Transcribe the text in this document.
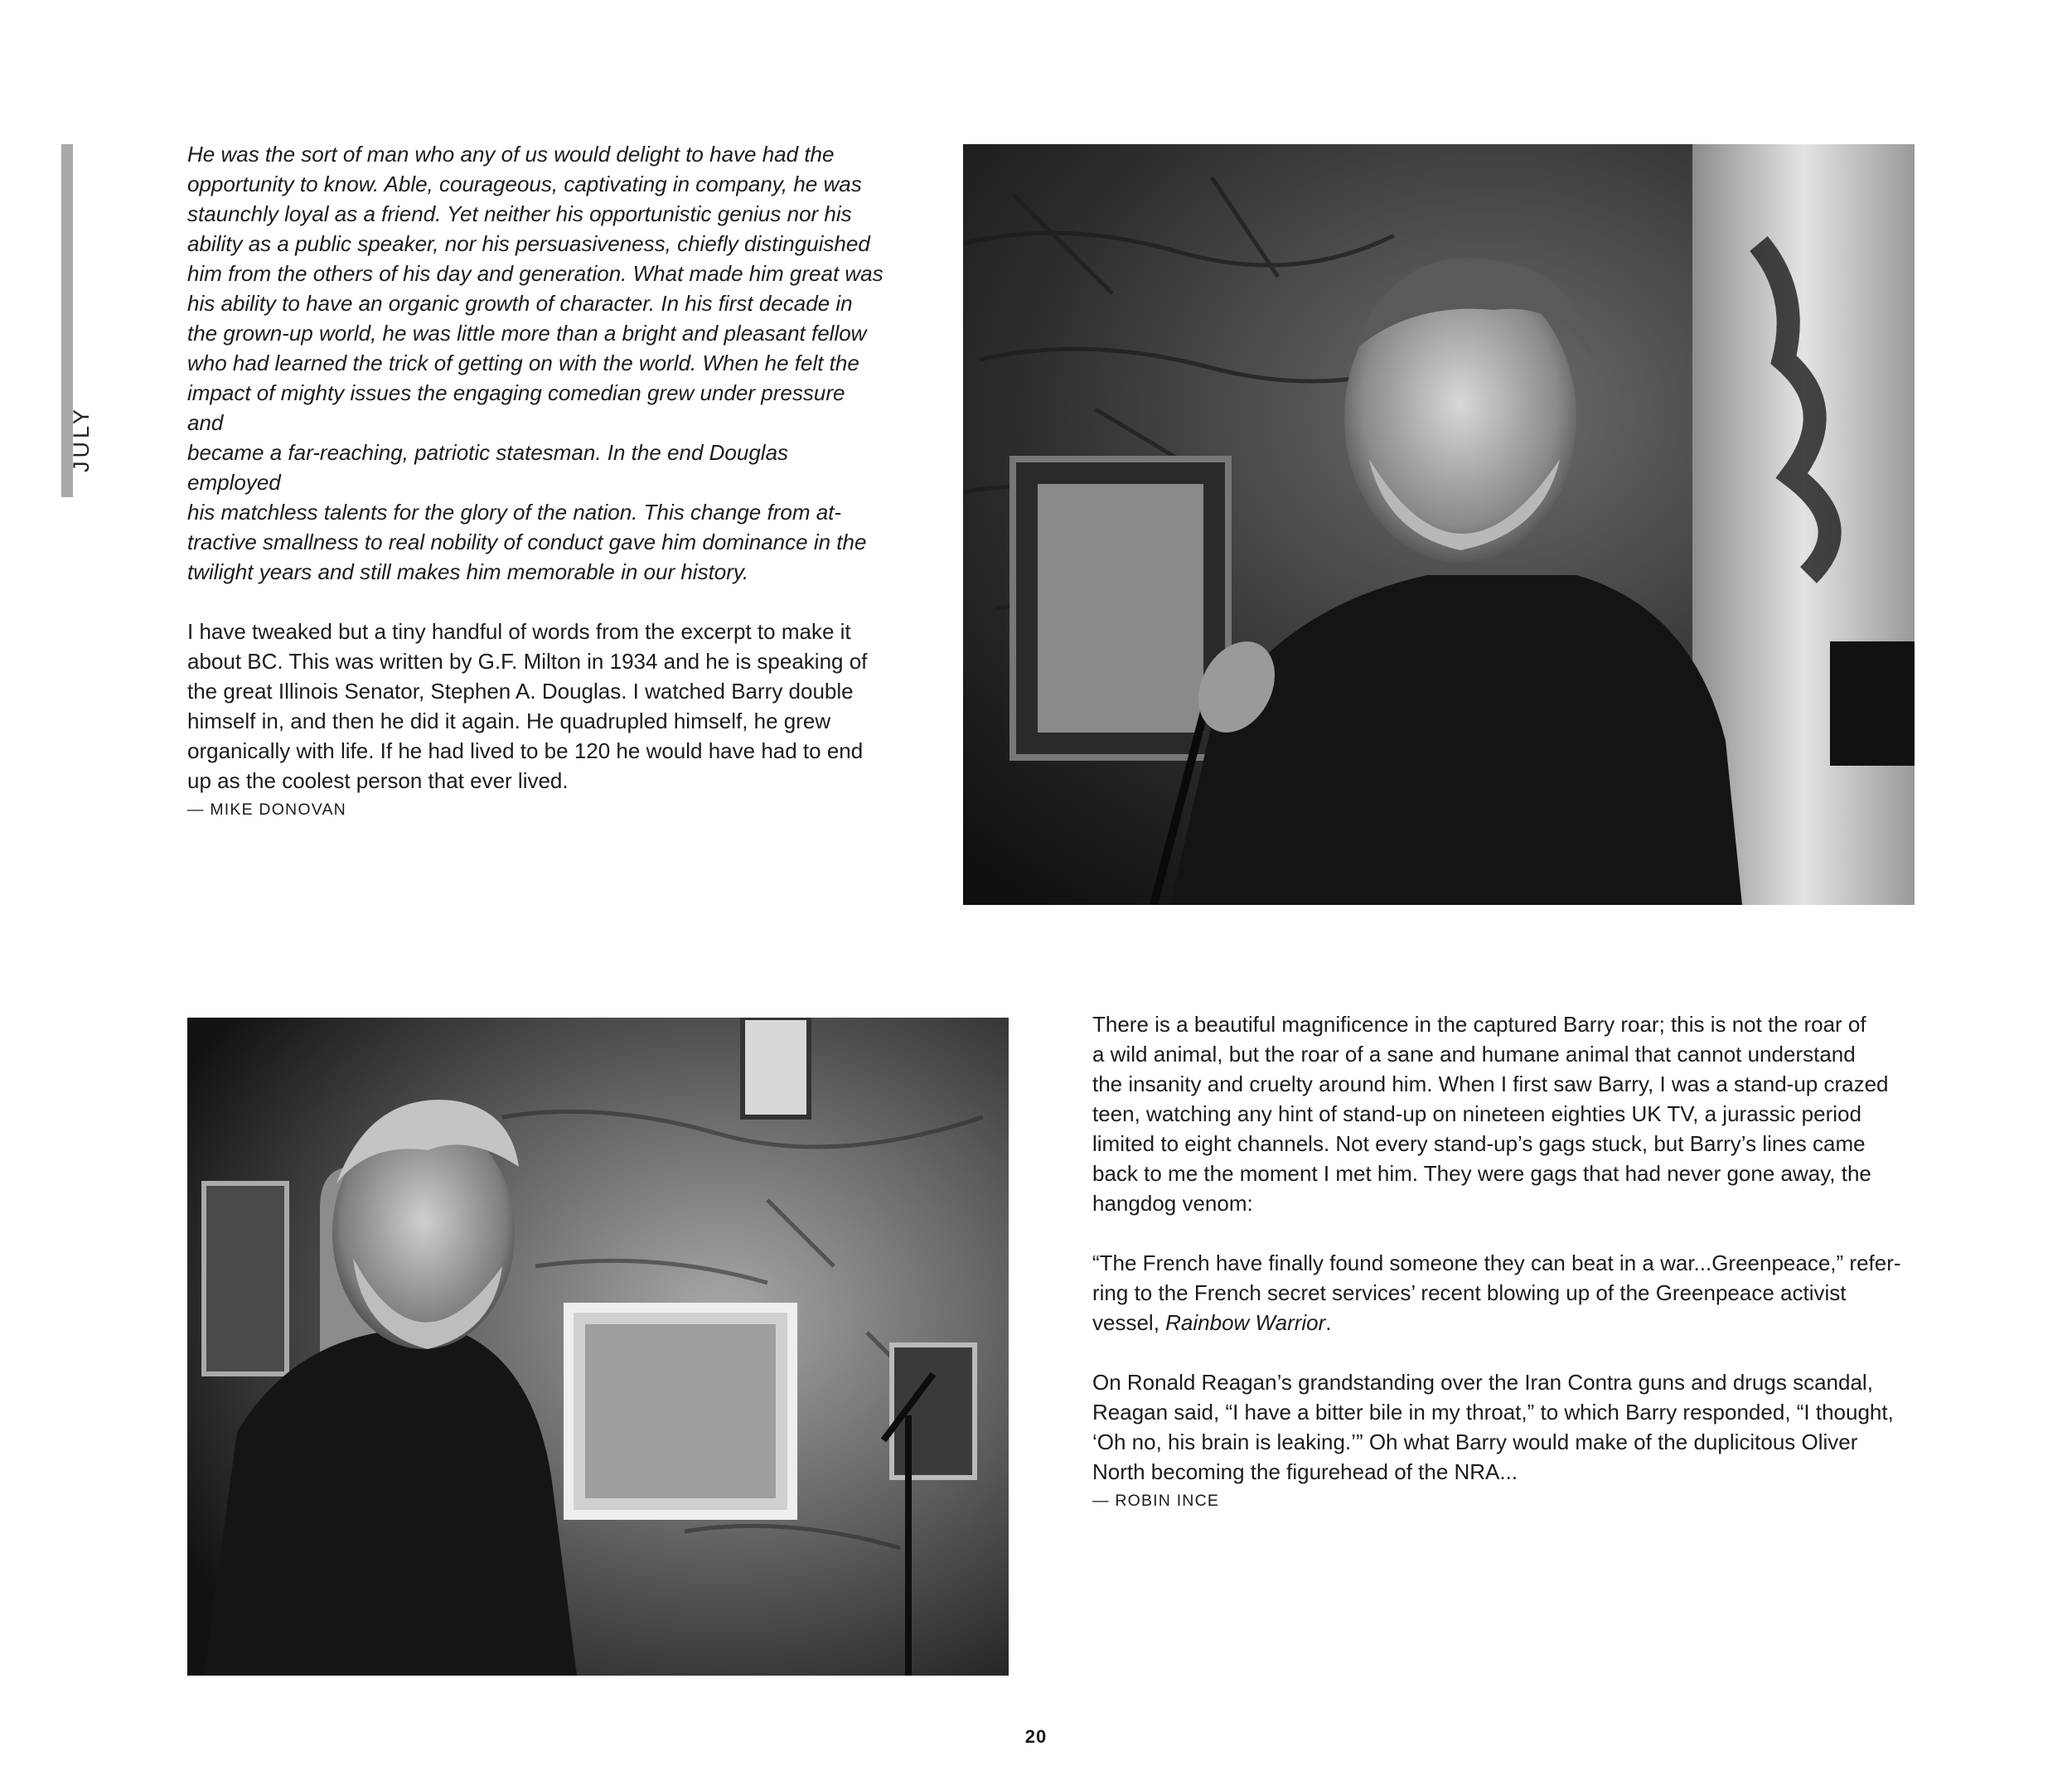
JULY

He was the sort of man who any of us would delight to have had the

opportunity to know. Able, courageous, captivating in company, he was

staunchly loyal as a friend. Yet neither his opportunistic genius nor his

ability as a public speaker, nor his persuasiveness, chiefly distinguished

him from the others of his day and generation. What made him great was

his ability to have an organic growth of character. In his first decade in

the grown-up world, he was little more than a bright and pleasant fellow

who had learned the trick of getting on with the world. When he felt the

impact of mighty issues the engaging comedian grew under pressure and

became a far-reaching, patriotic statesman. In the end Douglas employed

his matchless talents for the glory of the nation. This change from at-

tractive smallness to real nobility of conduct gave him dominance in the

twilight years and still makes him memorable in our history.

I have tweaked but a tiny handful of words from the excerpt to make it

about BC. This was written by G.F. Milton in 1934 and he is speaking of

the great Illinois Senator, Stephen A. Douglas. I watched Barry double

himself in, and then he did it again. He quadrupled himself, he grew

organically with life. If he had lived to be 120 he would have had to end

up as the coolest person that ever lived.

— MIKE DONOVAN

There is a beautiful magnificence in the captured Barry roar; this is not the roar of

a wild animal, but the roar of a sane and humane animal that cannot understand

the insanity and cruelty around him. When I first saw Barry, I was a stand-up crazed

teen, watching any hint of stand-up on nineteen eighties UK TV, a jurassic period

limited to eight channels. Not every stand-up’s gags stuck, but Barry’s lines came

back to me the moment I met him. They were gags that had never gone away, the

hangdog venom:

“The French have finally found someone they can beat in a war...Greenpeace,” refer-

ring to the French secret services’ recent blowing up of the Greenpeace activist

vessel, Rainbow Warrior.

On Ronald Reagan’s grandstanding over the Iran Contra guns and drugs scandal,

Reagan said, “I have a bitter bile in my throat,” to which Barry responded, “I thought,

‘Oh no, his brain is leaking.’” Oh what Barry would make of the duplicitous Oliver

North becoming the figurehead of the NRA...

— ROBIN INCE

20
